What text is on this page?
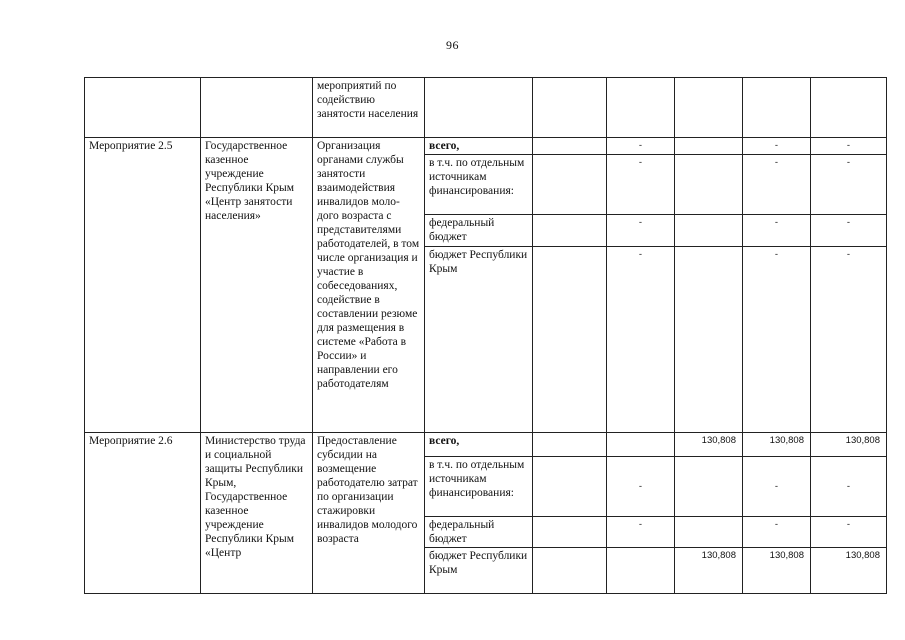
96
		мероприятий по содействию занятости населения							
Мероприятие 2.5	Государственное казенное учреждение Республики Крым «Центр занятости населения»	Организация органами службы занятости взаимодействия инвалидов моло-дого возраста с представителями работодателей, в том числе организация и участие в собеседованиях, содействие в составлении резюме для размещения в системе «Работа в России» и направлении его работодателям	всего,		-		-	-	
			в т.ч. по отдельным источникам финансирования:		-		-	-	
			федеральный бюджет		-		-	-	
			бюджет Республики Крым		-		-	-	
Мероприятие 2.6	Министерство труда и социальной защиты Республики Крым, Государственное казенное учреждение Республики Крым «Центр	Предоставление субсидии на возмещение работодателю затрат по организации стажировки инвалидов молодого возраста	всего,			130,808	130,808	130,808	
			в т.ч. по отдельным источникам финансирования:		-		-	-	
			федеральный бюджет		-		-	-	
			бюджет Республики Крым			130,808	130,808	130,808	
